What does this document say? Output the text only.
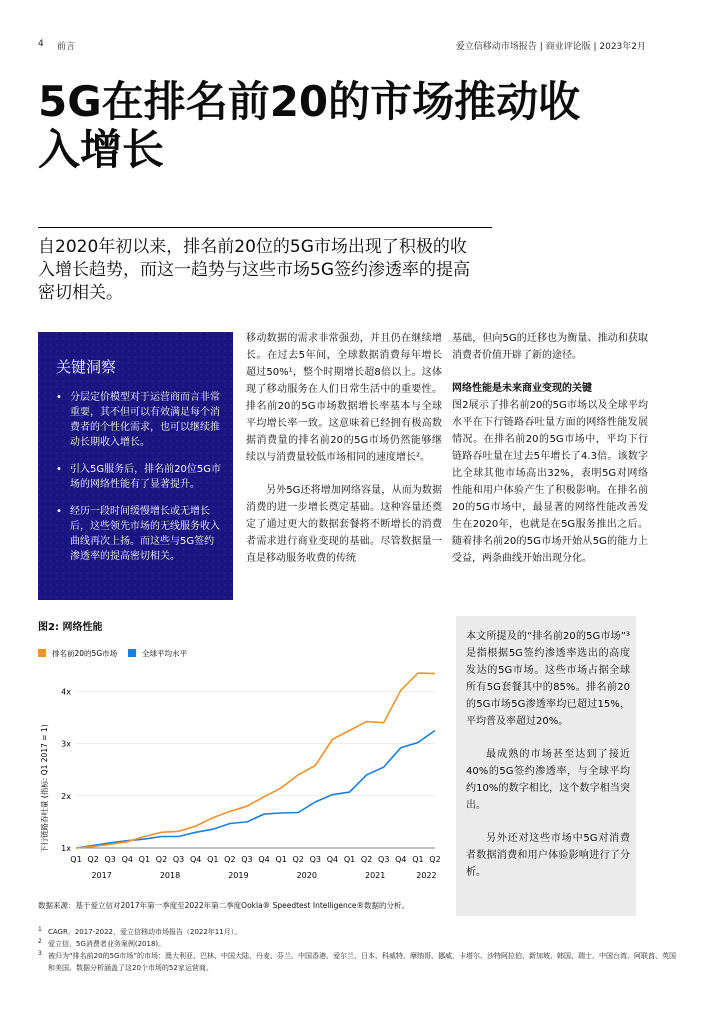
4 前言	爱立信移动市场报告 | 商业评论版 | 2023年2月
5G在排名前20的市场推动收入增长
自2020年初以来，排名前20位的5G市场出现了积极的收入增长趋势，而这一趋势与这些市场5G签约渗透率的提高密切相关。
关键洞察
• 分层定价模型对于运营商而言非常重要，其不但可以有效满足每个消费者的个性化需求，也可以继续推动长期收入增长。
• 引入5G服务后，排名前20位5G市场的网络性能有了显著提升。
• 经历一段时间缓慢增长或无增长后，这些领先市场的无线服务收入曲线再次上扬。而这些与5G签约渗透率的提高密切相关。

移动数据的需求非常强劲，并且仍在继续增长。在过去5年间，全球数据消费每年增长超过50%¹，整个时期增长超8倍以上。这体现了移动服务在人们日常生活中的重要性。排名前20的5G市场数据增长率基本与全球平均增长率一致。这意味着已经拥有极高数据消费量的排名前20的5G市场仍然能够继续以与消费量较低市场相同的速度增长²。

另外5G还将增加网络容量，从而为数据消费的进一步增长奠定基础。这种容量还奠定了通过更大的数据套餐将不断增长的消费者需求进行商业变现的基础。尽管数据量一直是移动服务收费的传统

基础，但向5G的迁移也为衡量、推动和获取消费者价值开辟了新的途径。

网络性能是未来商业变现的关键

图2展示了排名前20的5G市场以及全球平均水平在下行链路吞吐量方面的网络性能发展情况。在排名前20的5G市场中，平均下行链路吞吐量在过去5年增长了4.3倍。该数字比全球其他市场高出32%，表明5G对网络性能和用户体验产生了积极影响。在排名前20的5G市场中，最显著的网络性能改善发生在2020年，也就是在5G服务推出之后。随着排名前20的5G市场开始从5G的能力上受益，两条曲线开始出现分化。

图2: 网络性能
排名前20的5G市场	全球平均水平
下行链路吞吐量 (指标: Q1 2017 = 1) 1x
2x
3x
4x
Q1 Q2 Q3 Q4 Q1 Q2 Q3 Q4 Q1 Q2 Q3 Q4 Q1 Q2 Q3 Q4 Q1 Q2 Q3 Q4 Q1 Q2
2017	2018	2019	2020	2021	2022

本文所提及的“排名前20的5G市场”³是指根据5G签约渗透率选出的高度发达的5G市场。这些市场占据全球所有5G套餐其中的85%。排名前20的5G市场5G渗透率均已超过15%，平均普及率超过20%。

最成熟的市场甚至达到了接近40%的5G签约渗透率，与全球平均约10%的数字相比，这个数字相当突出。

另外还对这些市场中5G对消费者数据消费和用户体验影响进行了分析。

数据来源：基于爱立信对2017年第一季度至2022年第二季度Ookla® Speedtest Intelligence®数据的分析。
1 CAGR，2017-2022，爱立信移动市场报告（2022年11月）。
2 爱立信，5G消费者业务案例(2018)。
3 被归为“排名前20的5G市场”的市场：澳大利亚、巴林、中国大陆、丹麦、芬兰、中国香港、爱尔兰、日本、科威特、摩纳哥、挪威、卡塔尔、沙特阿拉伯、新加坡、韩国、瑞士、中国台湾、阿联酋、英国和美国。数据分析涵盖了这20个市场的52家运营商。
